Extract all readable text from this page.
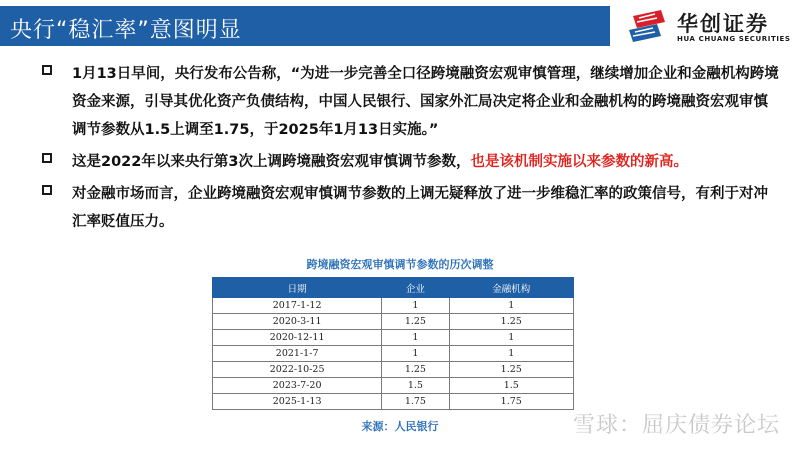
央行“稳汇率”意图明显	华创证券
HUA CHUANG SECURITIES
1月13日早间，央行发布公告称，“为进一步完善全口径跨境融资宏观审慎管理，继续增加企业和金融机构跨境资金来源，引导其优化资产负债结构，中国人民银行、国家外汇局决定将企业和金融机构的跨境融资宏观审慎调节参数从1.5上调至1.75，于2025年1月13日实施。”
这是2022年以来央行第3次上调跨境融资宏观审慎调节参数，也是该机制实施以来参数的新高。
对金融市场而言，企业跨境融资宏观审慎调节参数的上调无疑释放了进一步维稳汇率的政策信号，有利于对冲汇率贬值压力。
跨境融资宏观审慎调节参数的历次调整
日期	企业	金融机构
2017-1-12	1	1
2020-3-11	1.25	1.25
2020-12-11	1	1
2021-1-7	1	1
2022-10-25	1.25	1.25
2023-7-20	1.5	1.5
2025-1-13	1.75	1.75
来源：人民银行	雪球：屈庆债券论坛
